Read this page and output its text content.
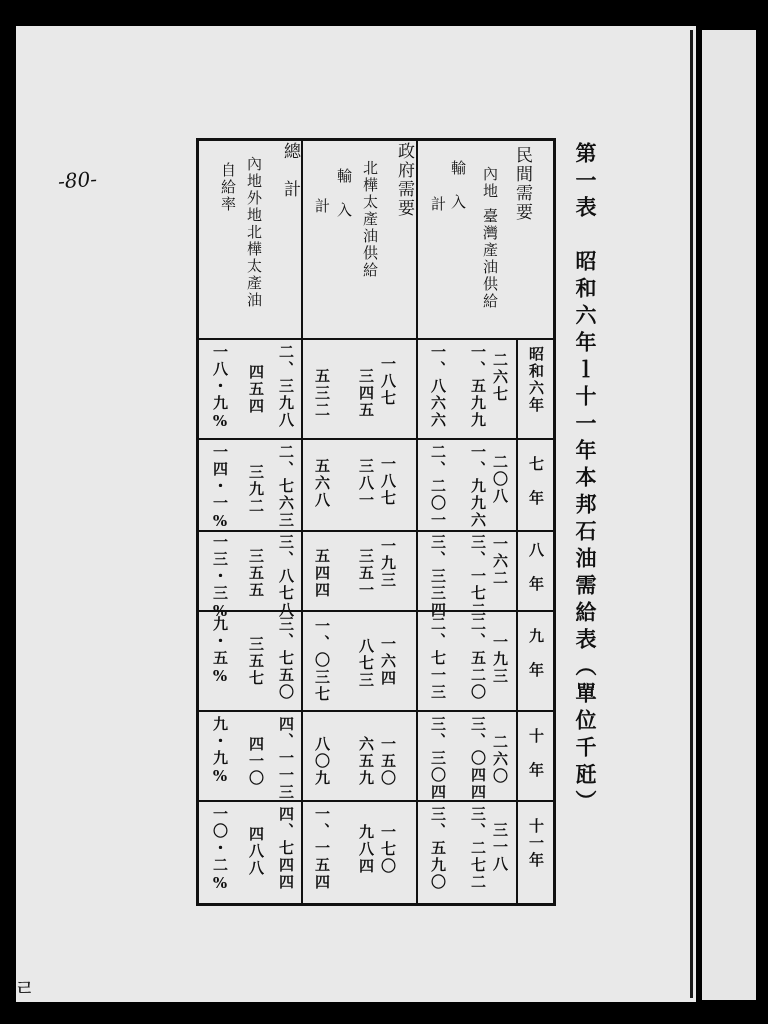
-80-
ㄹ
第一表　昭和六年ｌ十一年本邦石油需給表（單位千瓩）
民間需要
內地
臺灣產油供給
輸　入
計
政府需要
北樺太產油供給
輸　入
計
總　計
內地外地北樺太產油
自給率
昭和六年
七　年
八　年
九　年
十　年
十一年
二六七
一、五九九
一、八六六
一八七
三四五
五三二
二、三九八
四五四
一八・九%
二〇八
一、九九六
二、二〇一
一八七
三八一
五六八
二、七六三
三九二
一四・一%
一六二
三、一七二
三、三三四
一九三
三五一
五四四
三、八七八
三五五
一三・三%
一九三
二、五二〇
二、七一三
一六四
八七三
一、〇三七
三、七五〇
三五七
九・五%
二六〇
三、〇四四
三、三〇四
一五〇
六五九
八〇九
四、一一三
四一〇
九・九%
三一八
三、二七二
三、五九〇
一七〇
九八四
一、一五四
四、七四四
四八八
一〇・二%
